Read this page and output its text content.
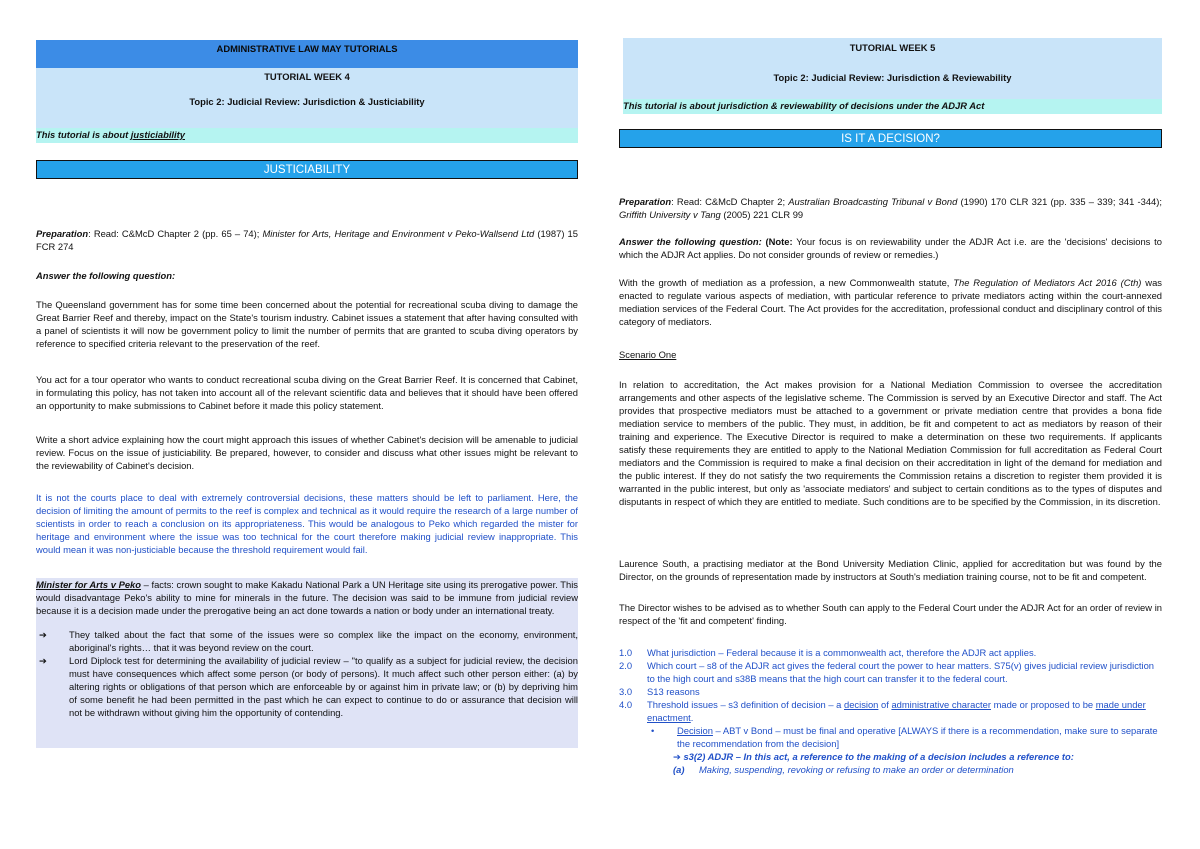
ADMINISTRATIVE LAW MAY TUTORIALS
TUTORIAL WEEK 4
Topic 2: Judicial Review: Jurisdiction & Justiciability
This tutorial is about justiciability
JUSTICIABILITY
Preparation: Read: C&McD Chapter 2 (pp. 65 – 74); Minister for Arts, Heritage and Environment v Peko-Wallsend Ltd (1987) 15 FCR 274
Answer the following question:
The Queensland government has for some time been concerned about the potential for recreational scuba diving to damage the Great Barrier Reef and thereby, impact on the State's tourism industry. Cabinet issues a statement that after having consulted with a panel of scientists it will now be government policy to limit the number of permits that are granted to scuba diving operators by reference to specified criteria relevant to the preservation of the reef.
You act for a tour operator who wants to conduct recreational scuba diving on the Great Barrier Reef. It is concerned that Cabinet, in formulating this policy, has not taken into account all of the relevant scientific data and believes that it should have been offered an opportunity to make submissions to Cabinet before it made this policy statement.
Write a short advice explaining how the court might approach this issues of whether Cabinet's decision will be amenable to judicial review. Focus on the issue of justiciability. Be prepared, however, to consider and discuss what other issues might be relevant to the reviewability of Cabinet's decision.
It is not the courts place to deal with extremely controversial decisions, these matters should be left to parliament. Here, the decision of limiting the amount of permits to the reef is complex and technical as it would require the research of a large number of scientists in order to reach a conclusion on its appropriateness. This would be analogous to Peko which regarded the mister for heritage and environment where the issue was too technical for the court therefore making judicial review inappropriate. This would mean it was non-justiciable because the threshold requirement would fail.
Minister for Arts v Peko – facts: crown sought to make Kakadu National Park a UN Heritage site using its prerogative power. This would disadvantage Peko's ability to mine for minerals in the future. The decision was said to be immune from judicial review because it is a decision made under the prerogative being an act done towards a nation or body under an international treaty.
➔	They talked about the fact that some of the issues were so complex like the impact on the economy, environment, aboriginal's rights… that it was beyond review on the court.
➔	Lord Diplock test for determining the availability of judicial review – "to qualify as a subject for judicial review, the decision must have consequences which affect some person (or body of persons). It much affect such other person either: (a) by altering rights or obligations of that person which are enforceable by or against him in private law; or (b) by depriving him of some benefit he had been permitted in the past which he can expect to continue to do or assurance that decision will not be withdrawn without giving him the opportunity of contending.
TUTORIAL WEEK 5
Topic 2: Judicial Review: Jurisdiction & Reviewability
This tutorial is about jurisdiction & reviewability of decisions under the ADJR Act
IS IT A DECISION?
Preparation: Read: C&McD Chapter 2; Australian Broadcasting Tribunal v Bond (1990) 170 CLR 321 (pp. 335 – 339; 341 -344); Griffith University v Tang (2005) 221 CLR 99
Answer the following question: (Note: Your focus is on reviewability under the ADJR Act i.e. are the 'decisions' decisions to which the ADJR Act applies. Do not consider grounds of review or remedies.)
With the growth of mediation as a profession, a new Commonwealth statute, The Regulation of Mediators Act 2016 (Cth) was enacted to regulate various aspects of mediation, with particular reference to private mediators acting within the court-annexed mediation services of the Federal Court. The Act provides for the accreditation, professional conduct and disciplinary control of this category of mediators.
Scenario One
In relation to accreditation, the Act makes provision for a National Mediation Commission to oversee the accreditation arrangements and other aspects of the legislative scheme. The Commission is served by an Executive Director and staff. The Act provides that prospective mediators must be attached to a government or private mediation centre that provides a bona fide mediation service to members of the public. They must, in addition, be fit and competent to act as mediators by reason of their training and experience. The Executive Director is required to make a determination on these two requirements. If applicants satisfy these requirements they are entitled to apply to the National Mediation Commission for full accreditation as Federal Court mediators and the Commission is required to make a final decision on their accreditation in light of the demand for mediation and the public interest. If they do not satisfy the two requirements the Commission retains a discretion to register them provided it is warranted in the public interest, but only as 'associate mediators' and subject to certain conditions as to the types of disputes and disputants in respect of which they are entitled to mediate. Such conditions are to be specified by the Commission, in its discretion.
Laurence South, a practising mediator at the Bond University Mediation Clinic, applied for accreditation but was found by the Director, on the grounds of representation made by instructors at South's mediation training course, not to be fit and competent.
The Director wishes to be advised as to whether South can apply to the Federal Court under the ADJR Act for an order of review in respect of the 'fit and competent' finding.
1.0	What jurisdiction – Federal because it is a commonwealth act, therefore the ADJR act applies.
2.0	Which court – s8 of the ADJR act gives the federal court the power to hear matters. S75(v) gives judicial review jurisdiction to the high court and s38B means that the high court can transfer it to the federal court.
3.0	S13 reasons
4.0	Threshold issues – s3 definition of decision – a decision of administrative character made or proposed to be made under enactment.
•	Decision – ABT v Bond – must be final and operative [ALWAYS if there is a recommendation, make sure to separate the recommendation from the decision]
➔ s3(2) ADJR – In this act, a reference to the making of a decision includes a reference to:
(a)	Making, suspending, revoking or refusing to make an order or determination
